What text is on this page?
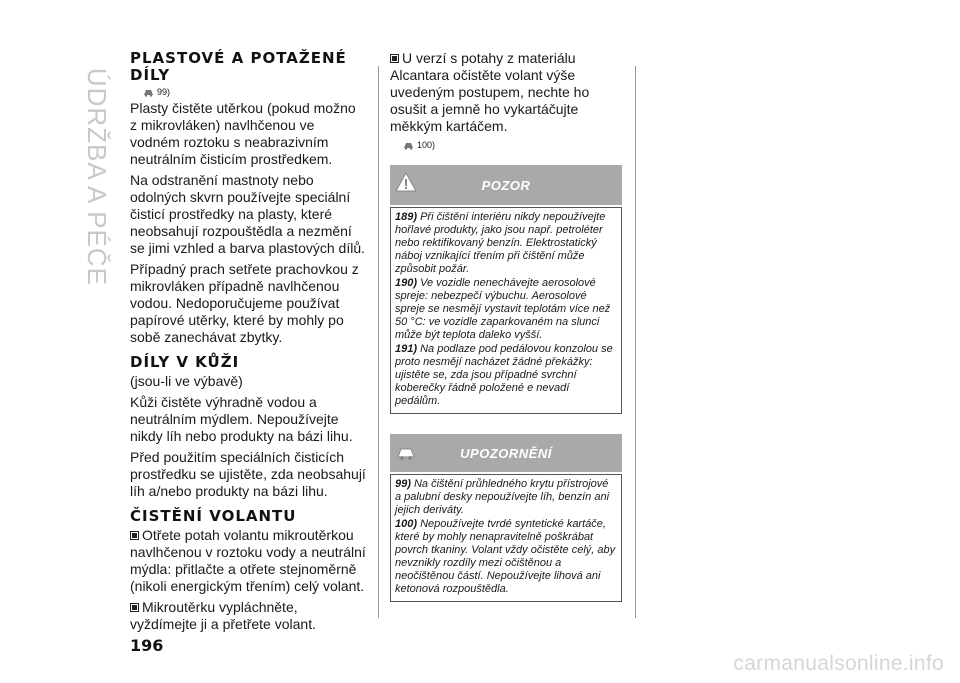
ÚDRŽBA A PÉČE
PLASTOVÉ A POTAŽENÉ DÍLY
99)

Plasty čistěte utěrkou (pokud možno z mikrovláken) navlhčenou ve vodném roztoku s neabrazivním neutrálním čisticím prostředkem.

Na odstranění mastnoty nebo odolných skvrn používejte speciální čisticí prostředky na plasty, které neobsahují rozpouštědla a nezmění se jimi vzhled a barva plastových dílů.

Případný prach setřete prachovkou z mikrovláken případně navlhčenou vodou. Nedoporučujeme používat papírové utěrky, které by mohly po sobě zanechávat zbytky.

DÍLY V KŮŽI

(jsou-li ve výbavě)

Kůži čistěte výhradně vodou a neutrálním mýdlem. Nepoužívejte nikdy líh nebo produkty na bázi lihu.

Před použitím speciálních čisticích prostředku se ujistěte, zda neobsahují líh a/nebo produkty na bázi lihu.

ČISTĚNÍ VOLANTU

Otřete potah volantu mikroutěrkou navlhčenou v roztoku vody a neutrální mýdla: přitlačte a otřete stejnoměrně (nikoli energickým třením) celý volant.

Mikroutěrku vypláchněte, vyždímejte ji a přetřete volant.

U verzí s potahy z materiálu Alcantara očistěte volant výše uvedeným postupem, nechte ho osušit a jemně ho vykartáčujte měkkým kartáčem.

100)
POZOR
189) Při čištění interiéru nikdy nepoužívejte hořlavé produkty, jako jsou např. petroléter nebo rektifikovaný benzín. Elektrostatický náboj vznikající třením při čištění může způsobit požár.
190) Ve vozidle nenechávejte aerosolové spreje: nebezpečí výbuchu. Aerosolové spreje se nesmějí vystavit teplotám více než 50 °C: ve vozidle zaparkovaném na slunci může být teplota daleko vyšší.
191) Na podlaze pod pedálovou konzolou se proto nesmějí nacházet žádné překážky: ujistěte se, zda jsou případné svrchní koberečky řádně položené e nevadí pedálům.
UPOZORNĚNÍ
99) Na čištění průhledného krytu přístrojové a palubní desky nepoužívejte líh, benzín ani jejich deriváty.
100) Nepoužívejte tvrdé syntetické kartáče, které by mohly nenapravitelně poškrábat povrch tkaniny. Volant vždy očistěte celý, aby nevznikly rozdíly mezi očištěnou a neočištěnou částí. Nepoužívejte lihová ani ketonová rozpouštědla.
196
carmanualsonline.info
